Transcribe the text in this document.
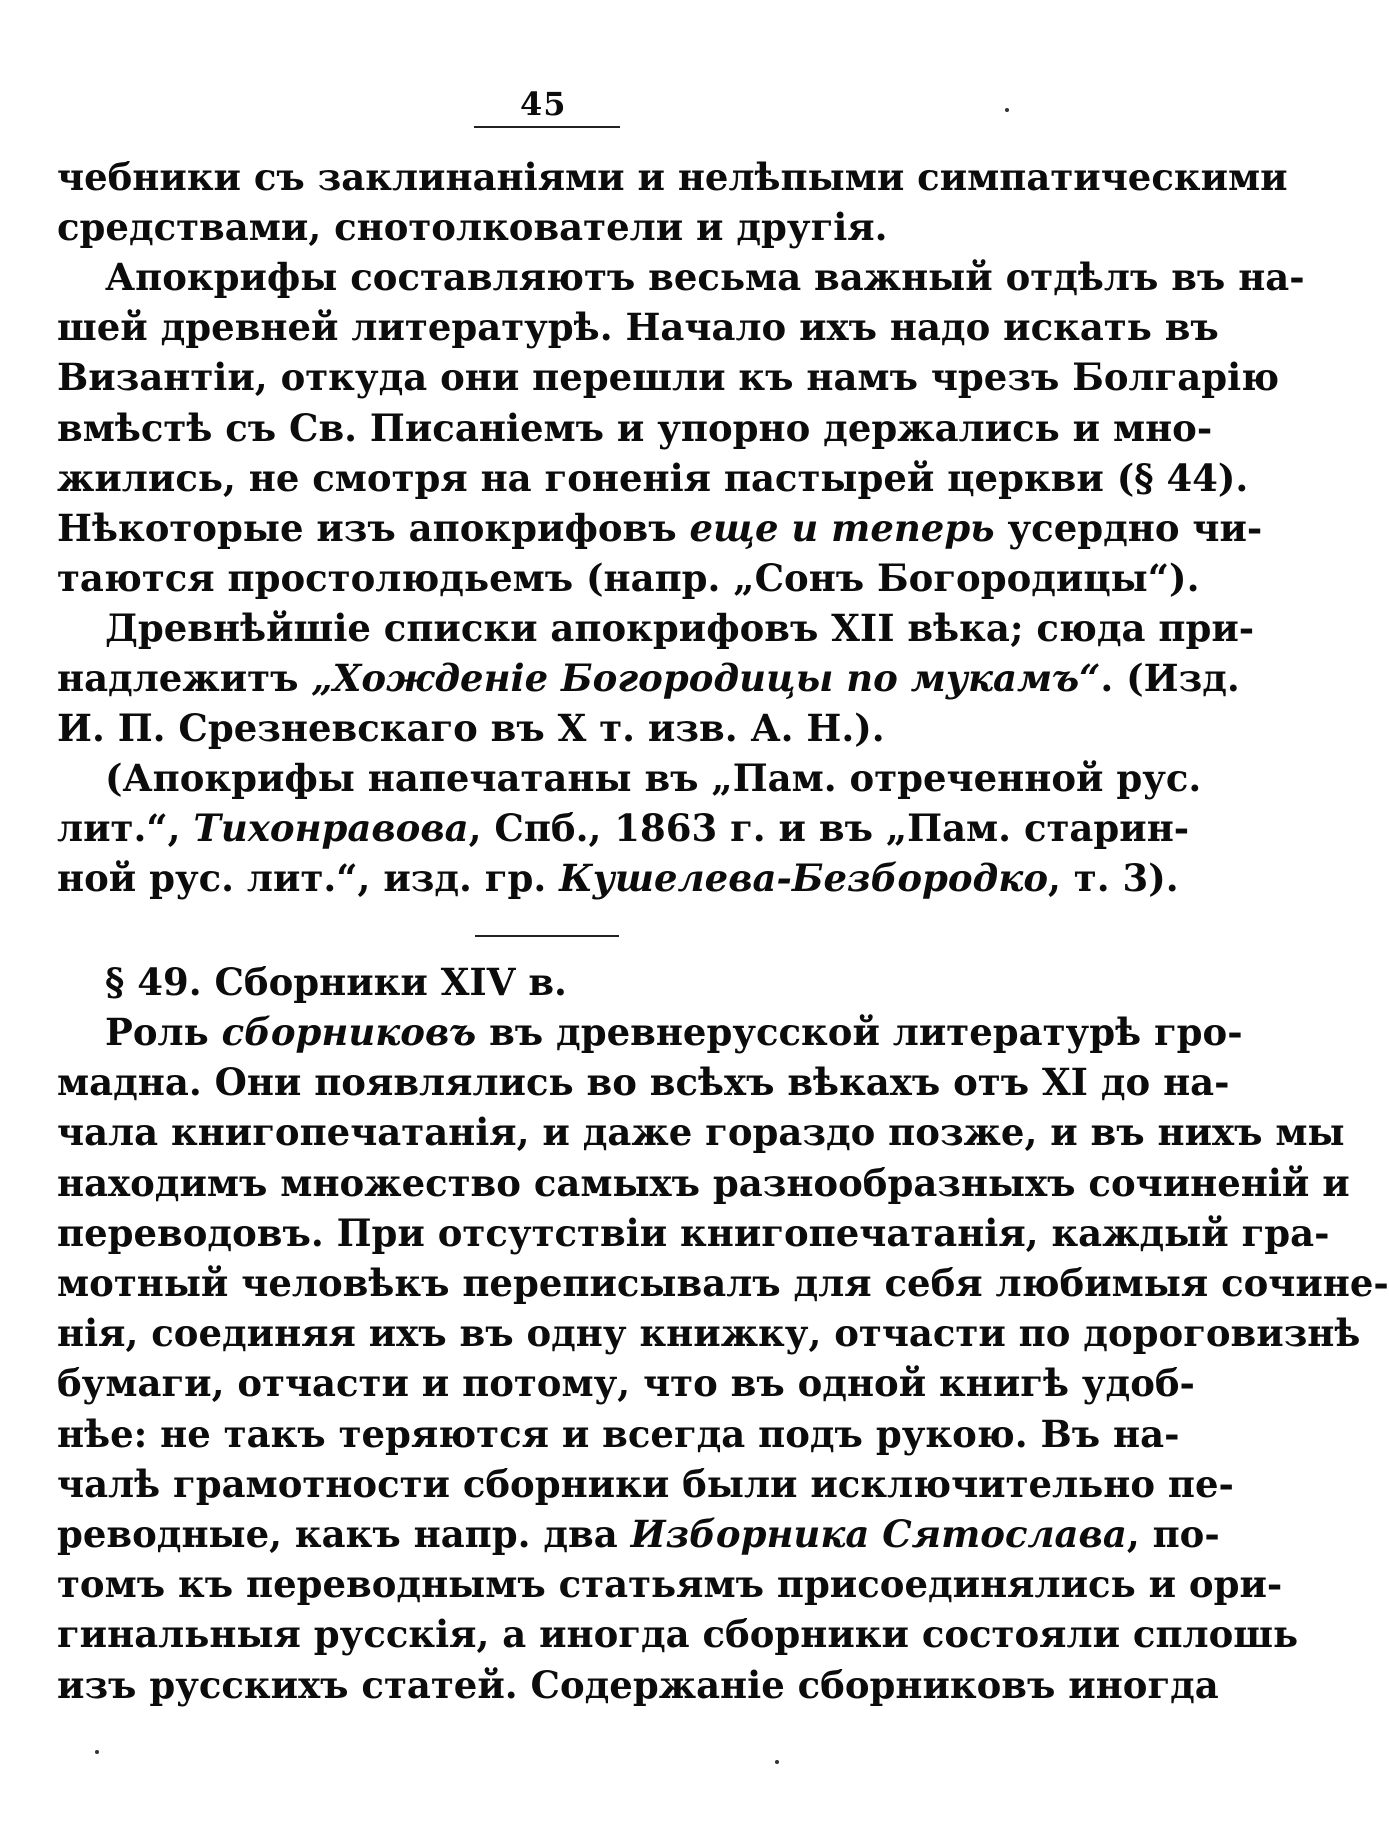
45
чебники съ заклинаніями и нелѣпыми симпатическими
средствами, снотолкователи и другія.
Апокрифы составляютъ весьма важный отдѣлъ въ на-
шей древней литературѣ. Начало ихъ надо искать въ
Византіи, откуда они перешли къ намъ чрезъ Болгарію
вмѣстѣ съ Св. Писаніемъ и упорно держались и мно-
жились, не смотря на гоненія пастырей церкви (§ 44).
Нѣкоторые изъ апокрифовъ еще и теперь усердно чи-
таются простолюдьемъ (напр. „Сонъ Богородицы“).
Древнѣйшіе списки апокрифовъ XII вѣка; сюда при-
надлежитъ „Хожденіе Богородицы по мукамъ“. (Изд.
И. П. Срезневскаго въ X т. изв. А. Н.).
(Апокрифы напечатаны въ „Пам. отреченной рус.
лит.“, Тихонравова, Спб., 1863 г. и въ „Пам. старин-
ной рус. лит.“, изд. гр. Кушелева-Безбородко, т. 3).
§ 49. Сборники XIV в.
Роль сборниковъ въ древнерусской литературѣ гро-
мадна. Они появлялись во всѣхъ вѣкахъ отъ XI до на-
чала книгопечатанія, и даже гораздо позже, и въ нихъ мы
находимъ множество самыхъ разнообразныхъ сочиненій и
переводовъ. При отсутствіи книгопечатанія, каждый гра-
мотный человѣкъ переписывалъ для себя любимыя сочине-
нія, соединяя ихъ въ одну книжку, отчасти по дороговизнѣ
бумаги, отчасти и потому, что въ одной книгѣ удоб-
нѣе: не такъ теряются и всегда подъ рукою. Въ на-
чалѣ грамотности сборники были исключительно пе-
реводные, какъ напр. два Изборника Сятослава, по-
томъ къ переводнымъ статьямъ присоединялись и ори-
гинальныя русскія, а иногда сборники состояли сплошь
изъ русскихъ статей. Содержаніе сборниковъ иногда
